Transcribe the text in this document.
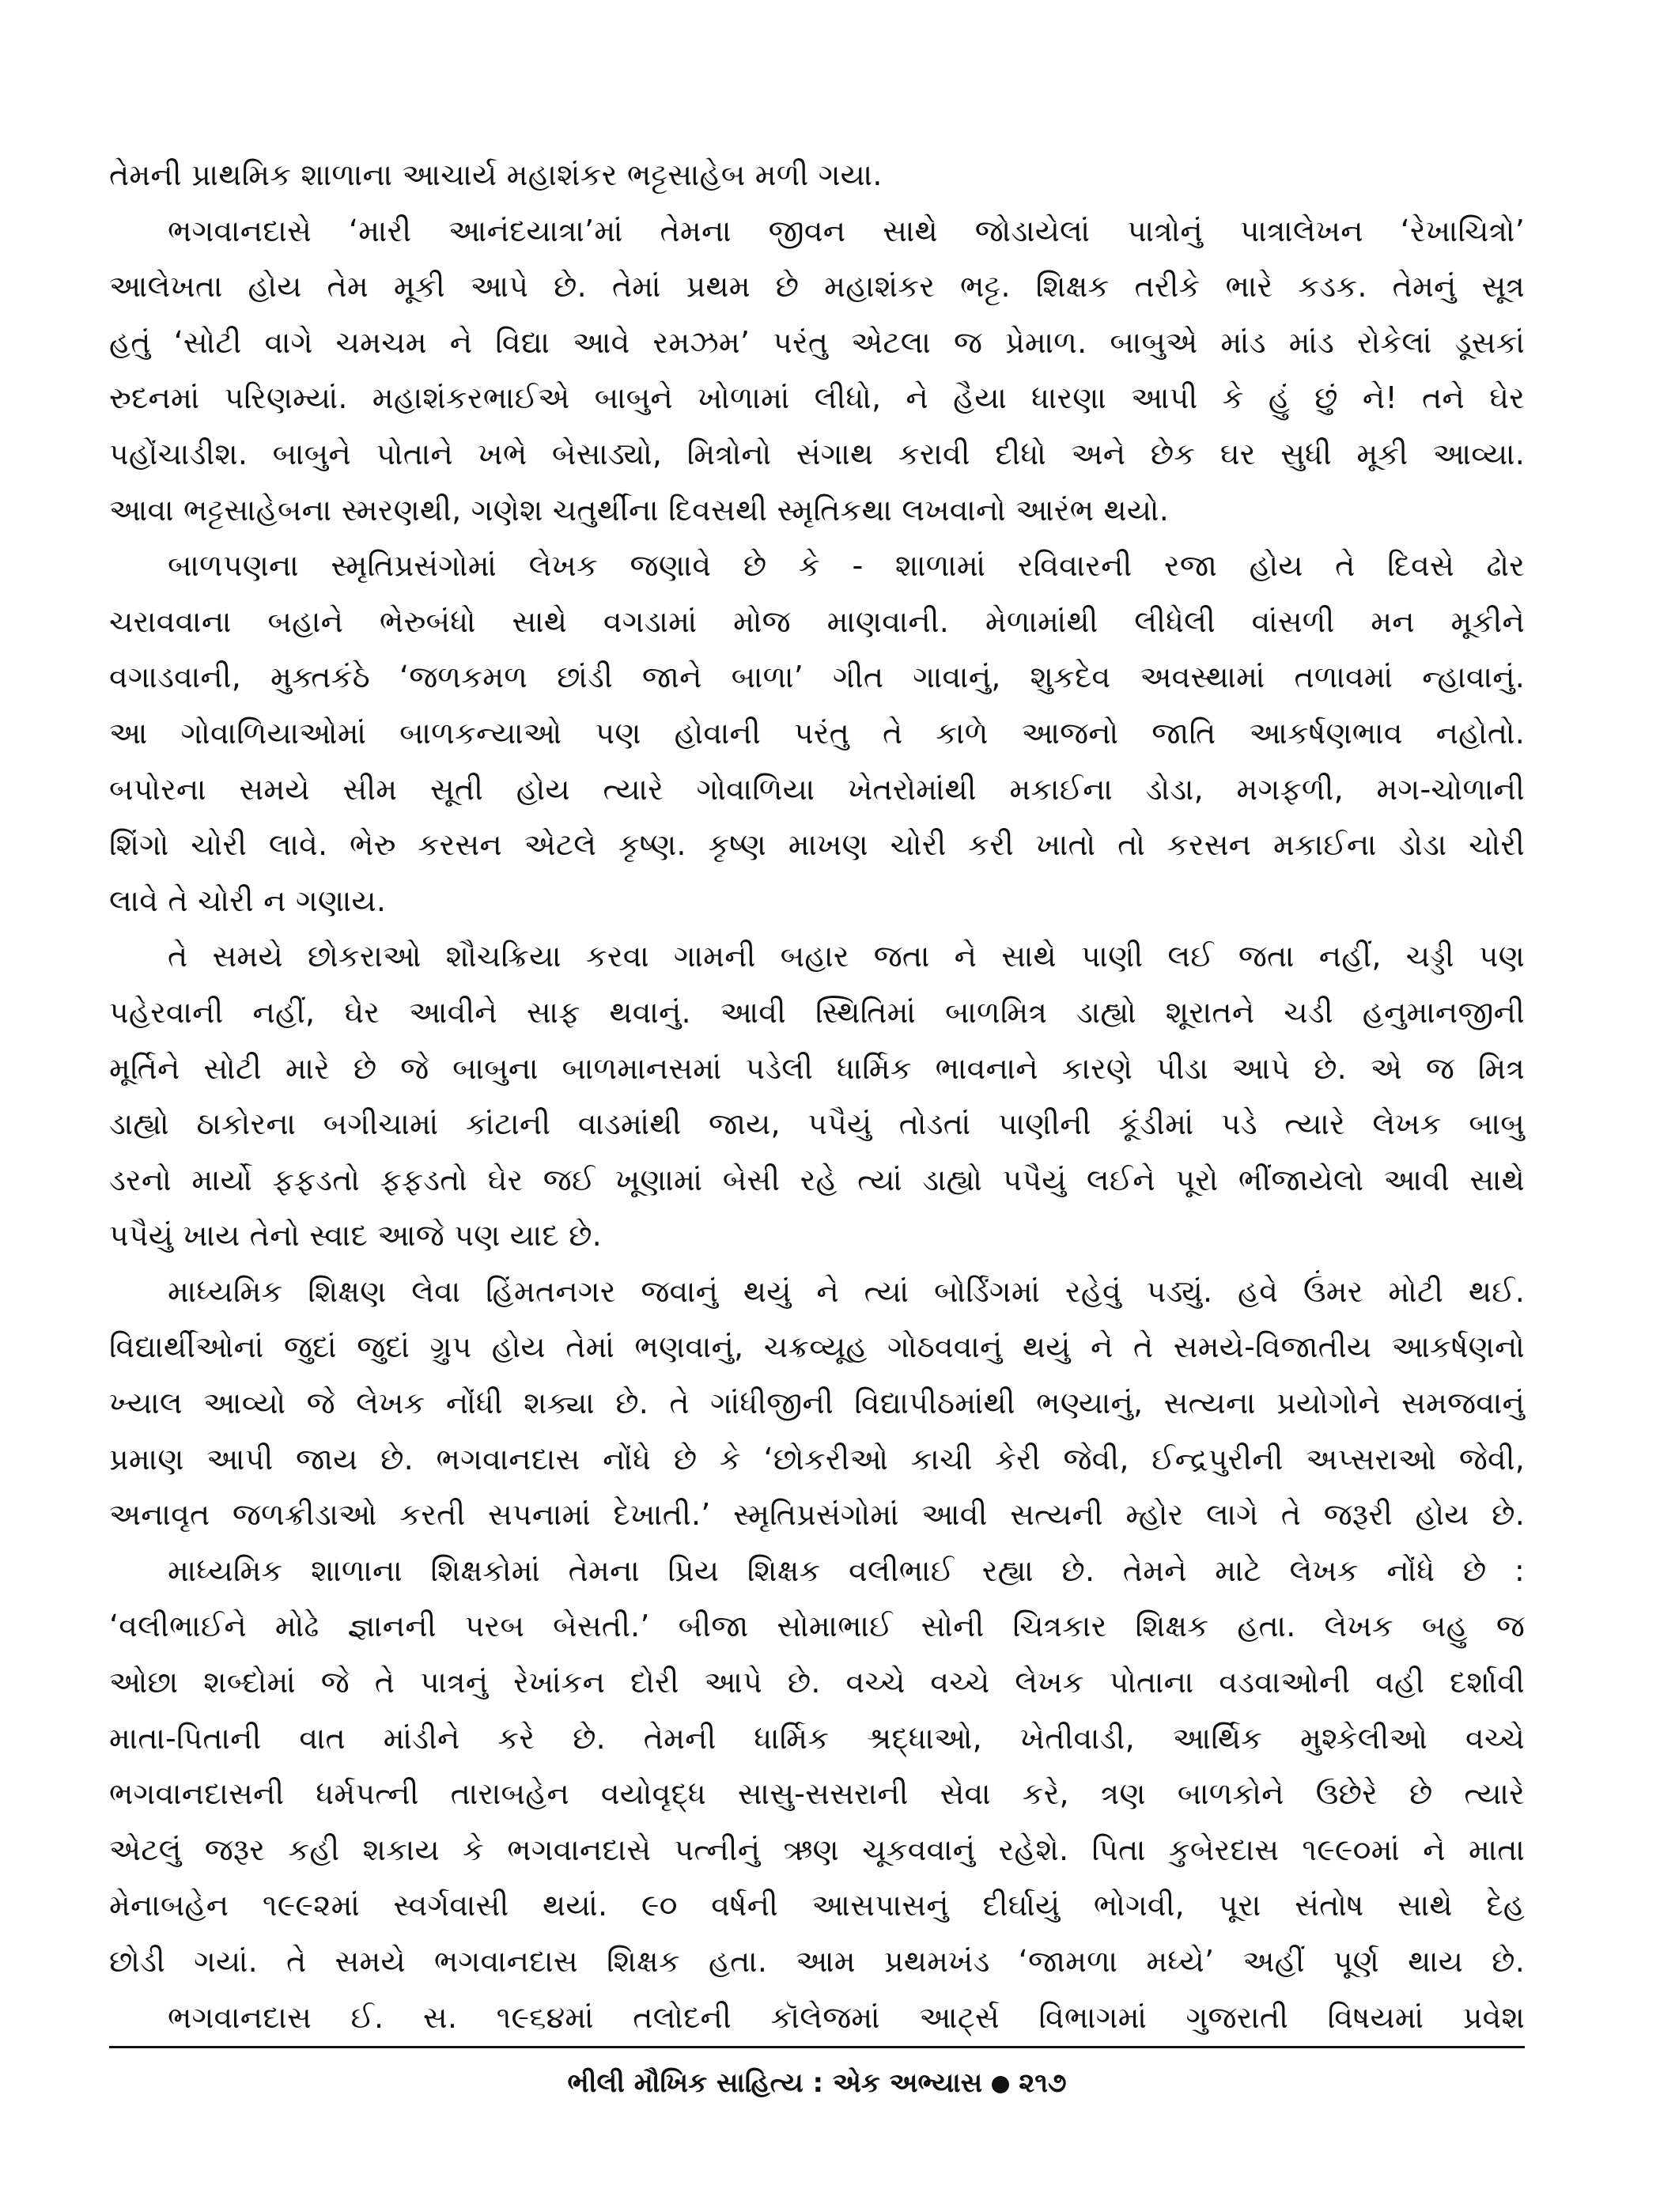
તેમની પ્રાથમિક શાળાના આચાર્ય મહાશંકર ભટ્ટસાહેબ મળી ગયા.
ભગવાનદાસે ‘મારી આનંદયાત્રા’માં તેમના જીવન સાથે જોડાયેલાં પાત્રોનું પાત્રાલેખન ‘રેખાચિત્રો’
આલેખતા હોય તેમ મૂકી આપે છે. તેમાં પ્રથમ છે મહાશંકર ભટ્ટ. શિક્ષક તરીકે ભારે કડક. તેમનું સૂત્ર
હતું ‘સોટી વાગે ચમચમ ને વિદ્યા આવે રમઝમ’ પરંતુ એટલા જ પ્રેમાળ. બાબુએ માંડ માંડ રોકેલાં ડૂસકાં
રુદનમાં પરિણમ્યાં. મહાશંકરભાઈએ બાબુને ખોળામાં લીધો, ને હૈયા ધારણા આપી કે હું છું ને! તને ઘેર
પહોંચાડીશ. બાબુને પોતાને ખભે બેસાડ્યો, મિત્રોનો સંગાથ કરાવી દીધો અને છેક ઘર સુધી મૂકી આવ્યા.
આવા ભટ્ટસાહેબના સ્મરણથી, ગણેશ ચતુર્થીના દિવસથી સ્મૃતિકથા લખવાનો આરંભ થયો.
બાળપણના સ્મૃતિપ્રસંગોમાં લેખક જણાવે છે કે - શાળામાં રવિવારની રજા હોય તે દિવસે ઢોર
ચરાવવાના બહાને ભેરુબંધો સાથે વગડામાં મોજ માણવાની. મેળામાંથી લીધેલી વાંસળી મન મૂકીને
વગાડવાની, મુક્તકંઠે ‘જળકમળ છાંડી જાને બાળા’ ગીત ગાવાનું, શુકદેવ અવસ્થામાં તળાવમાં ન્હાવાનું.
આ ગોવાળિયાઓમાં બાળકન્યાઓ પણ હોવાની પરંતુ તે કાળે આજનો જાતિ આકર્ષણભાવ નહોતો.
બપોરના સમયે સીમ સૂતી હોય ત્યારે ગોવાળિયા ખેતરોમાંથી મકાઈના ડોડા, મગફળી, મગ-ચોળાની
શિંગો ચોરી લાવે. ભેરુ કરસન એટલે કૃષ્ણ. કૃષ્ણ માખણ ચોરી કરી ખાતો તો કરસન મકાઈના ડોડા ચોરી
લાવે તે ચોરી ન ગણાય.
તે સમયે છોકરાઓ શૌચક્રિયા કરવા ગામની બહાર જતા ને સાથે પાણી લઈ જતા નહીં, ચડ્ડી પણ
પહેરવાની નહીં, ઘેર આવીને સાફ થવાનું. આવી સ્થિતિમાં બાળમિત્ર ડાહ્યો શૂરાતને ચડી હનુમાનજીની
મૂર્તિને સોટી મારે છે જે બાબુના બાળમાનસમાં પડેલી ધાર્મિક ભાવનાને કારણે પીડા આપે છે. એ જ મિત્ર
ડાહ્યો ઠાકોરના બગીચામાં કાંટાની વાડમાંથી જાય, પપૈયું તોડતાં પાણીની કૂંડીમાં પડે ત્યારે લેખક બાબુ
ડરનો માર્યો ફફડતો ફફડતો ઘેર જઈ ખૂણામાં બેસી રહે ત્યાં ડાહ્યો પપૈયું લઈને પૂરો ભીંજાયેલો આવી સાથે
પપૈયું ખાય તેનો સ્વાદ આજે પણ યાદ છે.
માધ્યમિક શિક્ષણ લેવા હિંમતનગર જવાનું થયું ને ત્યાં બોર્ડિંગમાં રહેવું પડ્યું. હવે ઉંમર મોટી થઈ.
વિદ્યાર્થીઓનાં જુદાં જુદાં ગ્રુપ હોય તેમાં ભણવાનું, ચક્રવ્યૂહ ગોઠવવાનું થયું ને તે સમયે-વિજાતીય આકર્ષણનો
ખ્યાલ આવ્યો જે લેખક નોંધી શક્યા છે. તે ગાંધીજીની વિદ્યાપીઠમાંથી ભણ્યાનું, સત્યના પ્રયોગોને સમજવાનું
પ્રમાણ આપી જાય છે. ભગવાનદાસ નોંધે છે કે ‘છોકરીઓ કાચી કેરી જેવી, ઈન્દ્રપુરીની અપ્સરાઓ જેવી,
અનાવૃત જળક્રીડાઓ કરતી સપનામાં દેખાતી.’ સ્મૃતિપ્રસંગોમાં આવી સત્યની મ્હોર લાગે તે જરૂરી હોય છે.
માધ્યમિક શાળાના શિક્ષકોમાં તેમના પ્રિય શિક્ષક વલીભાઈ રહ્યા છે. તેમને માટે લેખક નોંધે છે :
‘વલીભાઈને મોઢે જ્ઞાનની પરબ બેસતી.’ બીજા સોમાભાઈ સોની ચિત્રકાર શિક્ષક હતા. લેખક બહુ જ
ઓછા શબ્દોમાં જે તે પાત્રનું રેખાંકન દોરી આપે છે. વચ્ચે વચ્ચે લેખક પોતાના વડવાઓની વહી દર્શાવી
માતા-પિતાની વાત માંડીને કરે છે. તેમની ધાર્મિક શ્રદ્ધાઓ, ખેતીવાડી, આર્થિક મુશ્કેલીઓ વચ્ચે
ભગવાનદાસની ધર્મપત્ની તારાબહેન વયોવૃદ્ધ સાસુ-સસરાની સેવા કરે, ત્રણ બાળકોને ઉછેરે છે ત્યારે
એટલું જરૂર કહી શકાય કે ભગવાનદાસે પત્નીનું ઋણ ચૂકવવાનું રહેશે. પિતા કુબેરદાસ ૧૯૯૦માં ને માતા
મેનાબહેન ૧૯૯૨માં સ્વર્ગવાસી થયાં. ૯૦ વર્ષની આસપાસનું દીર્ઘાયું ભોગવી, પૂરા સંતોષ સાથે દેહ
છોડી ગયાં. તે સમયે ભગવાનદાસ શિક્ષક હતા. આમ પ્રથમખંડ ‘જામળા મધ્યે’ અહીં પૂર્ણ થાય છે.
ભગવાનદાસ ઈ. સ. ૧૯૬૪માં તલોદની કૉલેજમાં આર્ટ્સ વિભાગમાં ગુજરાતી વિષયમાં પ્રવેશ
ભીલી મૌખિક સાહિત્ય : એક અભ્યાસ ૨૧૭
